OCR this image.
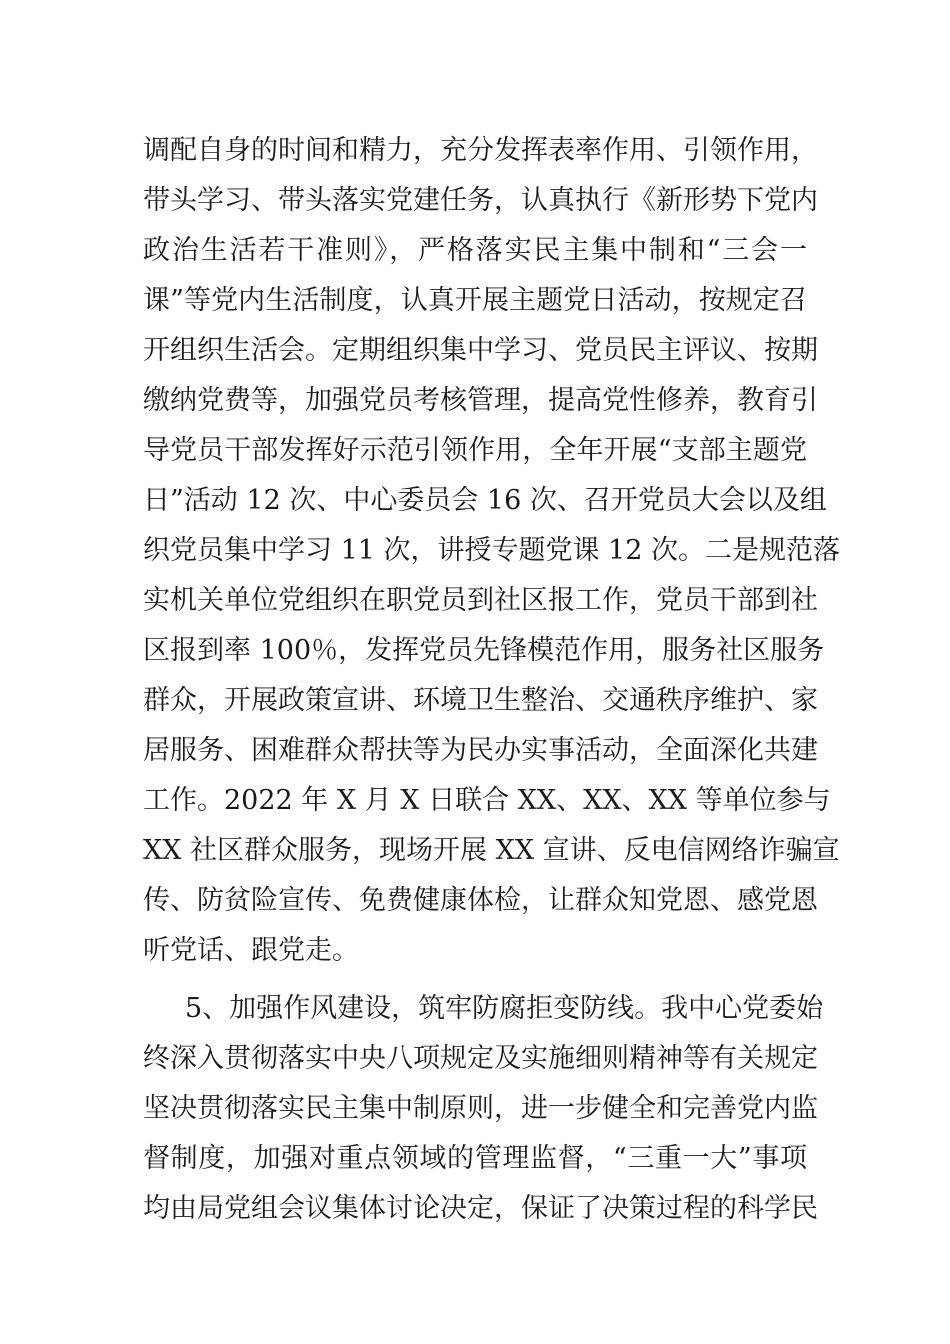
调配自身的时间和精力，充分发挥表率作用、引领作用，
带头学习、带头落实党建任务，认真执行《新形势下党内
政治生活若干准则》，严格落实民主集中制和“三会一
课”等党内生活制度，认真开展主题党日活动，按规定召
开组织生活会。定期组织集中学习、党员民主评议、按期
缴纳党费等，加强党员考核管理，提高党性修养，教育引
导党员干部发挥好示范引领作用，全年开展“支部主题党
日”活动 12 次、中心委员会 16 次、召开党员大会以及组
织党员集中学习 11 次，讲授专题党课 12 次。二是规范落
实机关单位党组织在职党员到社区报工作，党员干部到社
区报到率 100％，发挥党员先锋模范作用，服务社区服务
群众，开展政策宣讲、环境卫生整治、交通秩序维护、家
居服务、困难群众帮扶等为民办实事活动，全面深化共建
工作。2022 年 X 月 X 日联合 XX、XX、XX 等单位参与
XX 社区群众服务，现场开展 XX 宣讲、反电信网络诈骗宣
传、防贫险宣传、免费健康体检，让群众知党恩、感党恩
听党话、跟党走。
5、加强作风建设，筑牢防腐拒变防线。我中心党委始
终深入贯彻落实中央八项规定及实施细则精神等有关规定
坚决贯彻落实民主集中制原则，进一步健全和完善党内监
督制度，加强对重点领域的管理监督，“三重一大”事项
均由局党组会议集体讨论决定，保证了决策过程的科学民
